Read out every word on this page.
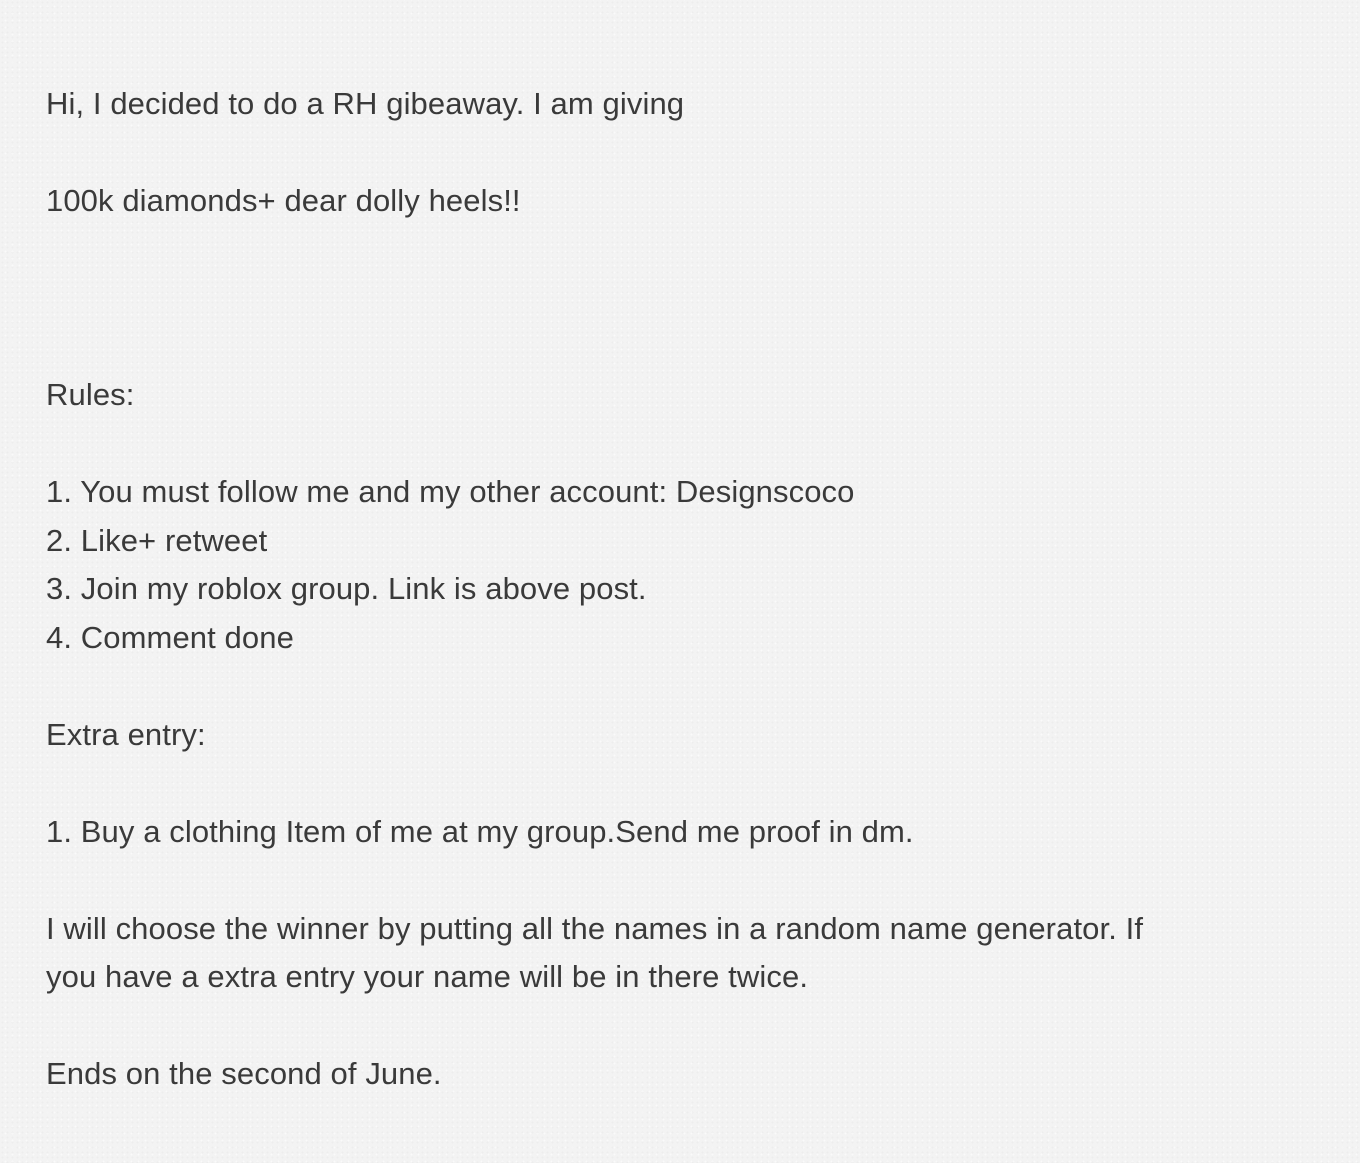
Hi, I decided to do a RH gibeaway. I am giving
100k diamonds+ dear dolly heels!!
Rules:
1. You must follow me and my other account: Designscoco
2. Like+ retweet
3. Join my roblox group. Link is above post.
4. Comment done
Extra entry:
1. Buy a clothing Item of me at my group.Send me proof in dm.
I will choose the winner by putting all the names in a random name generator. If
you have a extra entry your name will be in there twice.
Ends on the second of June.
